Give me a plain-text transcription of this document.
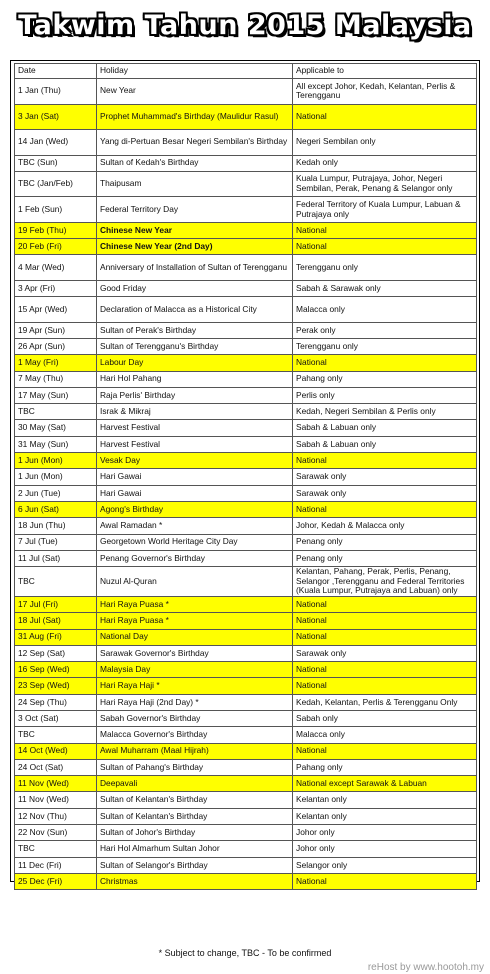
Takwim Tahun 2015 Malaysia
Date	Holiday	Applicable to
1 Jan (Thu)	New Year	All except Johor, Kedah, Kelantan, Perlis & Terengganu
3 Jan (Sat)	Prophet Muhammad's Birthday (Maulidur Rasul)	National
14 Jan (Wed)	Yang di-Pertuan Besar Negeri Sembilan's Birthday	Negeri Sembilan only
TBC (Sun)	Sultan of Kedah's Birthday	Kedah only
TBC (Jan/Feb)	Thaipusam	Kuala Lumpur, Putrajaya, Johor, Negeri Sembilan, Perak, Penang & Selangor only
1 Feb (Sun)	Federal Territory Day	Federal Territory of Kuala Lumpur, Labuan & Putrajaya only
19 Feb (Thu)	Chinese New Year	National
20 Feb (Fri)	Chinese New Year (2nd Day)	National
4 Mar (Wed)	Anniversary of Installation of Sultan of Terengganu	Terengganu only
3 Apr (Fri)	Good Friday	Sabah & Sarawak only
15 Apr (Wed)	Declaration of Malacca as a Historical City	Malacca only
19 Apr (Sun)	Sultan of Perak's Birthday	Perak only
26 Apr (Sun)	Sultan of Terengganu's Birthday	Terengganu only
1 May (Fri)	Labour Day	National
7 May (Thu)	Hari Hol Pahang	Pahang only
17 May (Sun)	Raja Perlis' Birthday	Perlis only
TBC	Israk & Mikraj	Kedah, Negeri Sembilan & Perlis only
30 May (Sat)	Harvest Festival	Sabah & Labuan only
31 May (Sun)	Harvest Festival	Sabah & Labuan only
1 Jun (Mon)	Vesak Day	National
1 Jun (Mon)	Hari Gawai	Sarawak only
2 Jun (Tue)	Hari Gawai	Sarawak only
6 Jun (Sat)	Agong's Birthday	National
18 Jun (Thu)	Awal Ramadan *	Johor, Kedah & Malacca only
7 Jul (Tue)	Georgetown World Heritage City Day	Penang only
11 Jul (Sat)	Penang Governor's Birthday	Penang only
TBC	Nuzul Al-Quran	Kelantan, Pahang, Perak, Perlis, Penang, Selangor ,Terengganu and Federal Territories (Kuala Lumpur, Putrajaya and Labuan) only
17 Jul (Fri)	Hari Raya Puasa *	National
18 Jul (Sat)	Hari Raya Puasa *	National
31 Aug (Fri)	National Day	National
12 Sep (Sat)	Sarawak Governor's Birthday	Sarawak only
16 Sep (Wed)	Malaysia Day	National
23 Sep (Wed)	Hari Raya Haji *	National
24 Sep (Thu)	Hari Raya Haji (2nd Day) *	Kedah, Kelantan, Perlis & Terengganu Only
3 Oct (Sat)	Sabah Governor's Birthday	Sabah only
TBC	Malacca Governor's Birthday	Malacca only
14 Oct (Wed)	Awal Muharram (Maal Hijrah)	National
24 Oct (Sat)	Sultan of Pahang's Birthday	Pahang only
11 Nov (Wed)	Deepavali	National except Sarawak & Labuan
11 Nov (Wed)	Sultan of Kelantan's Birthday	Kelantan only
12 Nov (Thu)	Sultan of Kelantan's Birthday	Kelantan only
22 Nov (Sun)	Sultan of Johor's Birthday	Johor only
TBC	Hari Hol Almarhum Sultan Johor	Johor only
11 Dec (Fri)	Sultan of Selangor's Birthday	Selangor only
25 Dec (Fri)	Christmas	National
* Subject to change, TBC - To be confirmed
reHost by www.hootoh.my
